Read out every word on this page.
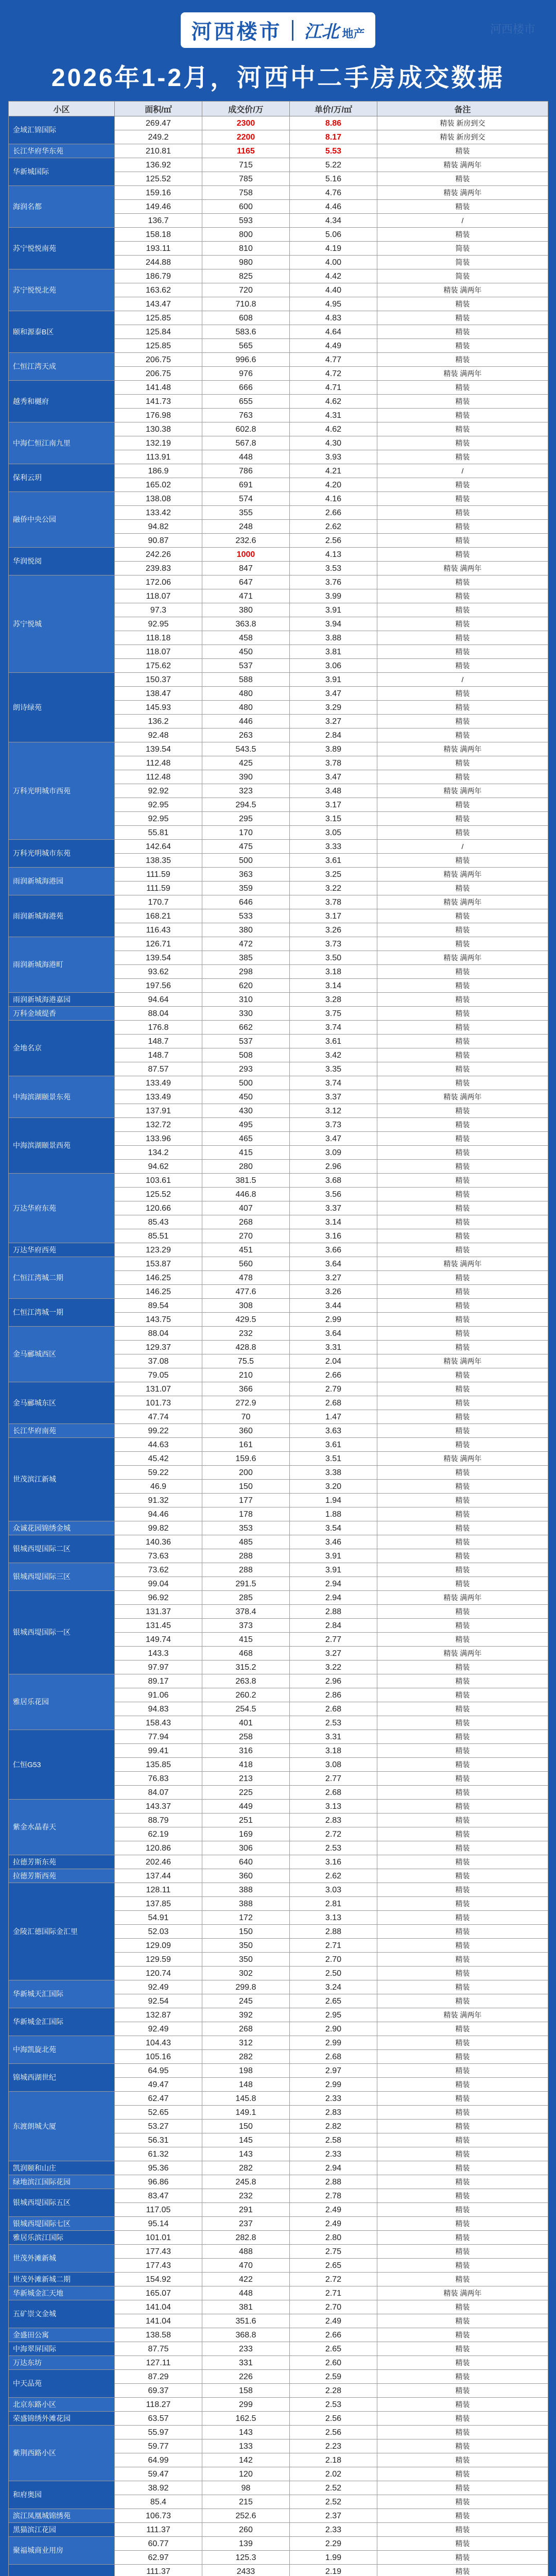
河西楼市
河西楼市 江北 地产
2026年1-2月，河西中二手房成交数据
小区	面积/㎡	成交价/万	单价/万/㎡	备注
金域汇锦国际	269.47	2300	8.86	精装 新房到交
	249.2	2200	8.17	精装 新房到交
长江华府华东苑	210.81	1165	5.53	精装
华新城国际	136.92	715	5.22	精装 满两年
	125.52	785	5.16	精装
海润名都	159.16	758	4.76	精装 满两年
	149.46	600	4.46	精装
	136.7	593	4.34	/
苏宁悦悦南苑	158.18	800	5.06	精装
	193.11	810	4.19	简装
	244.88	980	4.00	简装
苏宁悦悦北苑	186.79	825	4.42	简装
	163.62	720	4.40	精装 满两年
	143.47	710.8	4.95	精装
颐和源泰B区	125.85	608	4.83	精装
	125.84	583.6	4.64	精装
	125.85	565	4.49	精装
仁恒江湾天成	206.75	996.6	4.77	精装
	206.75	976	4.72	精装 满两年
越秀和樾府	141.48	666	4.71	精装
	141.73	655	4.62	精装
	176.98	763	4.31	精装
中海仁恒江南九里	130.38	602.8	4.62	精装
	132.19	567.8	4.30	精装
	113.91	448	3.93	精装
保利云玥	186.9	786	4.21	/
	165.02	691	4.20	精装
融侨中央公园	138.08	574	4.16	精装
	133.42	355	2.66	精装
	94.82	248	2.62	精装
	90.87	232.6	2.56	精装
华润悦阅	242.26	1000	4.13	精装
	239.83	847	3.53	精装 满两年
苏宁悦城	172.06	647	3.76	精装
	118.07	471	3.99	精装
	97.3	380	3.91	精装
	92.95	363.8	3.94	精装
	118.18	458	3.88	精装
	118.07	450	3.81	精装
	175.62	537	3.06	精装
朗诗绿苑	150.37	588	3.91	/
	138.47	480	3.47	精装
	145.93	480	3.29	精装
	136.2	446	3.27	精装
	92.48	263	2.84	精装
万科光明城市西苑	139.54	543.5	3.89	精装 满两年
	112.48	425	3.78	精装
	112.48	390	3.47	精装
	92.92	323	3.48	精装 满两年
	92.95	294.5	3.17	精装
	92.95	295	3.15	精装
	55.81	170	3.05	精装
万科光明城市东苑	142.64	475	3.33	/
	138.35	500	3.61	精装
雨润新城海港园	111.59	363	3.25	精装 满两年
	111.59	359	3.22	精装
雨润新城海港苑	170.7	646	3.78	精装 满两年
	168.21	533	3.17	精装
	116.43	380	3.26	精装
雨润新城海港町	126.71	472	3.73	精装
	139.54	385	3.50	精装 满两年
	93.62	298	3.18	精装
	197.56	620	3.14	精装
雨润新城海港嘉园	94.64	310	3.28	精装
万科金域缇香	88.04	330	3.75	精装
金地名京	176.8	662	3.74	精装
	148.7	537	3.61	精装
	148.7	508	3.42	精装
	87.57	293	3.35	精装
中海滨湖颐景东苑	133.49	500	3.74	精装
	133.49	450	3.37	精装 满两年
	137.91	430	3.12	精装
中海滨湖颐景西苑	132.72	495	3.73	精装
	133.96	465	3.47	精装
	134.2	415	3.09	精装
	94.62	280	2.96	精装
万达华府东苑	103.61	381.5	3.68	精装
	125.52	446.8	3.56	精装
	120.66	407	3.37	精装
	85.43	268	3.14	精装
	85.51	270	3.16	精装
万达华府西苑	123.29	451	3.66	精装
仁恒江湾城二期	153.87	560	3.64	精装 满两年
	146.25	478	3.27	精装
	146.25	477.6	3.26	精装
仁恒江湾城一期	89.54	308	3.44	精装
	143.75	429.5	2.99	精装
金马郦城西区	88.04	232	3.64	精装
	129.37	428.8	3.31	精装
	37.08	75.5	2.04	精装 满两年
	79.05	210	2.66	精装
金马郦城东区	131.07	366	2.79	精装
	101.73	272.9	2.68	精装
	47.74	70	1.47	精装
长江华府南苑	99.22	360	3.63	精装
世茂滨江新城	44.63	161	3.61	精装
	45.42	159.6	3.51	精装 满两年
	59.22	200	3.38	精装
	46.9	150	3.20	精装
	91.32	177	1.94	精装
	94.46	178	1.88	精装
众诚花园锦绣金城	99.82	353	3.54	精装
银城西堤国际二区	140.36	485	3.46	精装
	73.63	288	3.91	精装
银城西堤国际三区	73.62	288	3.91	精装
	99.04	291.5	2.94	精装
银城西堤国际一区	96.92	285	2.94	精装 满两年
	131.37	378.4	2.88	精装
	131.45	373	2.84	精装
	149.74	415	2.77	精装
	143.3	468	3.27	精装 满两年
	97.97	315.2	3.22	精装
雅居乐花园	89.17	263.8	2.96	精装
	91.06	260.2	2.86	精装
	94.83	254.5	2.68	精装
	158.43	401	2.53	精装
仁恒G53	77.94	258	3.31	精装
	99.41	316	3.18	精装
	135.85	418	3.08	精装
	76.83	213	2.77	精装
	84.07	225	2.68	精装
紫金水晶春天	143.37	449	3.13	精装
	88.79	251	2.83	精装
	62.19	169	2.72	精装
	120.86	306	2.53	精装
拉德芳斯东苑	202.46	640	3.16	精装
拉德芳斯西苑	137.44	360	2.62	精装
金陵汇德国际金汇里	128.11	388	3.03	精装
	137.85	388	2.81	精装
	54.91	172	3.13	精装
	52.03	150	2.88	精装
	129.09	350	2.71	精装
	129.59	350	2.70	精装
	120.74	302	2.50	精装
华新城天汇国际	92.49	299.8	3.24	精装
	92.54	245	2.65	精装
华新城金汇国际	132.87	392	2.95	精装 满两年
	92.49	268	2.90	精装
中海凯旋北苑	104.43	312	2.99	精装
	105.16	282	2.68	精装
锦城西湖世纪	64.95	198	2.97	精装
	49.47	148	2.99	精装
东渡朗城大厦	62.47	145.8	2.33	精装
	52.65	149.1	2.83	精装
	53.27	150	2.82	精装
	56.31	145	2.58	精装
	61.32	143	2.33	精装
凯润颐和山庄	95.36	282	2.94	精装
绿地滨江国际花园	96.86	245.8	2.88	精装
银城西堤国际五区	83.47	232	2.78	精装
	117.05	291	2.49	精装
银城西堤国际七区	95.14	237	2.49	精装
雅居乐滨江国际	101.01	282.8	2.80	精装
世茂外滩新城	177.43	488	2.75	精装
	177.43	470	2.65	精装
世茂外滩新城二期	154.92	422	2.72	精装
华新城金汇天地	165.07	448	2.71	精装 满两年
五矿崇文金城	141.04	381	2.70	精装
	141.04	351.6	2.49	精装
金盛田公寓	138.58	368.8	2.66	精装
中海翠屏国际	87.75	233	2.65	精装
万达东坊	127.11	331	2.60	精装
中天品苑	87.29	226	2.59	精装
	69.37	158	2.28	精装
北京东路小区	118.27	299	2.53	精装
荣盛锦绣外滩花园	63.57	162.5	2.56	精装
紫荆西路小区	55.97	143	2.56	精装
	59.77	133	2.23	精装
	64.99	142	2.18	精装
	59.47	120	2.02	精装
和府奥园	38.92	98	2.52	精装
	85.4	215	2.52	精装
滨江凤凰城锦绣苑	106.73	252.6	2.37	精装
黑猫滨江花园	111.37	260	2.33	精装
聚福城商业用房	60.77	139	2.29	精装
	62.97	125.3	1.99	精装
	111.37	2433	2.19	精装
